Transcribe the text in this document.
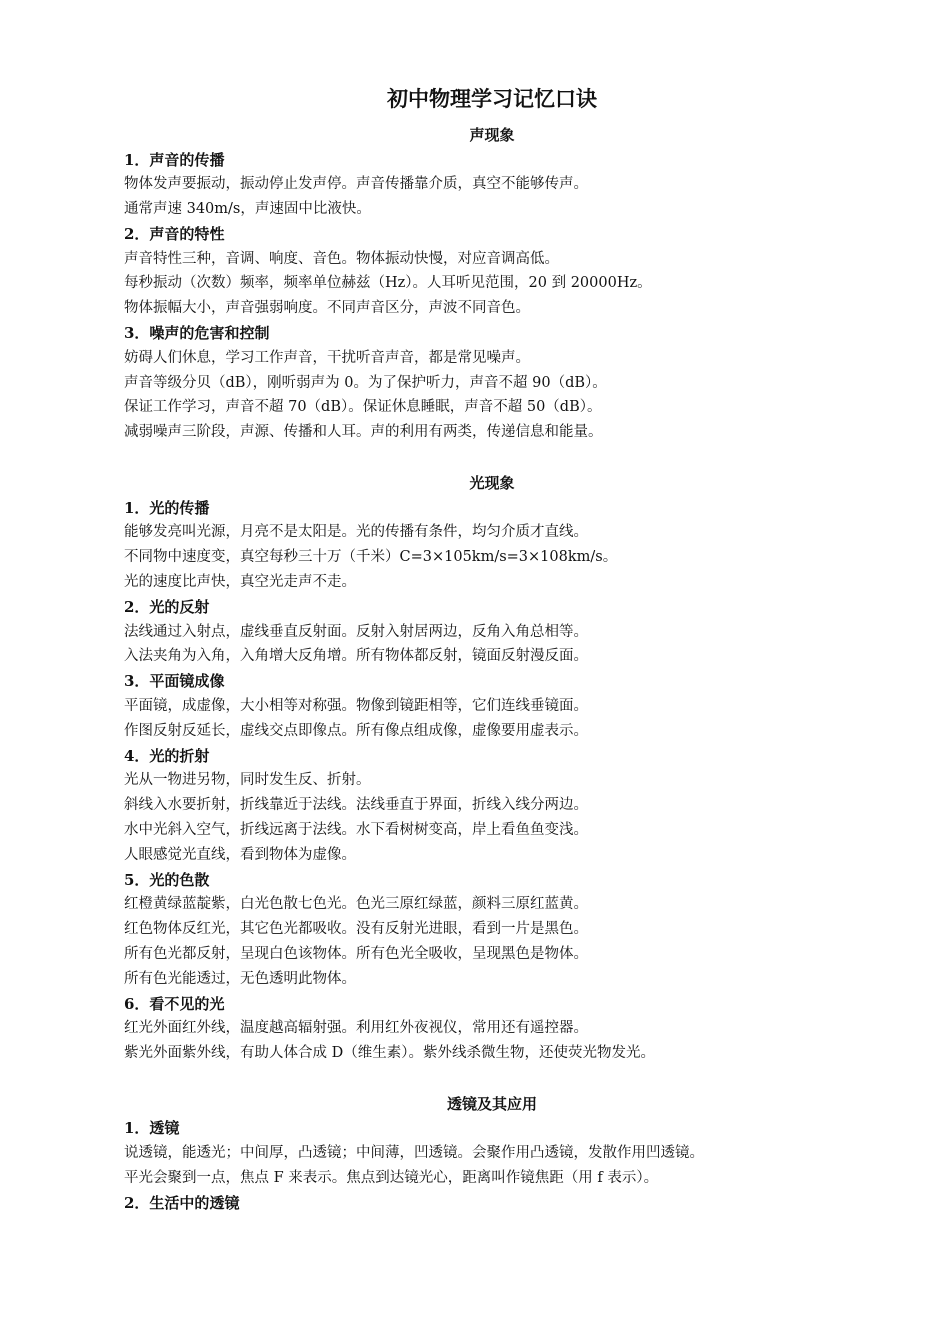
初中物理学习记忆口诀
声现象
1．声音的传播

物体发声要振动，振动停止发声停。声音传播靠介质，真空不能够传声。

通常声速 340m/s，声速固中比液快。

2．声音的特性

声音特性三种，音调、响度、音色。物体振动快慢，对应音调高低。

每秒振动（次数）频率，频率单位赫兹（Hz）。人耳听见范围，20 到 20000Hz。

物体振幅大小，声音强弱响度。不同声音区分，声波不同音色。

3．噪声的危害和控制

妨碍人们休息，学习工作声音，干扰听音声音，都是常见噪声。

声音等级分贝（dB），刚听弱声为 0。为了保护听力，声音不超 90（dB）。

保证工作学习，声音不超 70（dB）。保证休息睡眠，声音不超 50（dB）。

减弱噪声三阶段，声源、传播和人耳。声的利用有两类，传递信息和能量。

光现象
1．光的传播

能够发亮叫光源，月亮不是太阳是。光的传播有条件，均匀介质才直线。

不同物中速度变，真空每秒三十万（千米）C=3×105km/s=3×108km/s。

光的速度比声快，真空光走声不走。

2．光的反射

法线通过入射点，虚线垂直反射面。反射入射居两边，反角入角总相等。

入法夹角为入角，入角增大反角增。所有物体都反射，镜面反射漫反面。

3．平面镜成像

平面镜，成虚像，大小相等对称强。物像到镜距相等，它们连线垂镜面。

作图反射反延长，虚线交点即像点。所有像点组成像，虚像要用虚表示。

4．光的折射

光从一物进另物，同时发生反、折射。

斜线入水要折射，折线靠近于法线。法线垂直于界面，折线入线分两边。

水中光斜入空气，折线远离于法线。水下看树树变高，岸上看鱼鱼变浅。

人眼感觉光直线，看到物体为虚像。

5．光的色散

红橙黄绿蓝靛紫，白光色散七色光。色光三原红绿蓝，颜料三原红蓝黄。

红色物体反红光，其它色光都吸收。没有反射光进眼，看到一片是黑色。

所有色光都反射，呈现白色该物体。所有色光全吸收，呈现黑色是物体。

所有色光能透过，无色透明此物体。

6．看不见的光

红光外面红外线，温度越高辐射强。利用红外夜视仪，常用还有遥控器。

紫光外面紫外线，有助人体合成 D（维生素）。紫外线杀微生物，还使荧光物发光。

透镜及其应用
1．透镜

说透镜，能透光；中间厚，凸透镜；中间薄，凹透镜。会聚作用凸透镜，发散作用凹透镜。

平光会聚到一点，焦点 F 来表示。焦点到达镜光心，距离叫作镜焦距（用 f 表示）。

2．生活中的透镜
